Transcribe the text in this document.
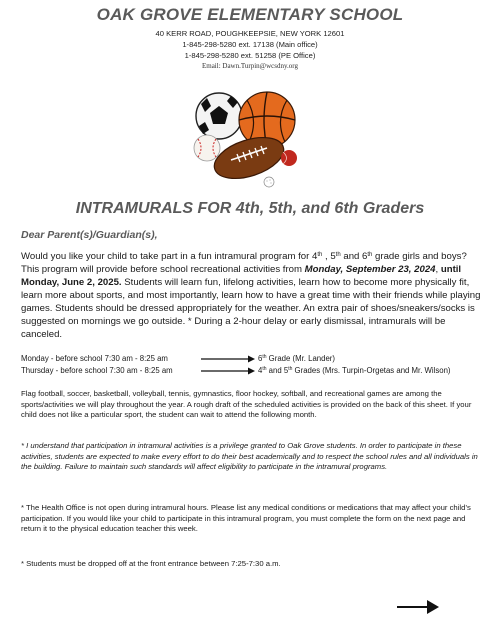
OAK GROVE ELEMENTARY SCHOOL
40 KERR ROAD, POUGHKEEPSIE, NEW YORK 12601
1-845-298-5280 ext. 17138 (Main office)
1-845-298-5280 ext. 51258 (PE Office)
Email: Dawn.Turpin@wcsdny.org
INTRAMURALS FOR 4th, 5th, and 6th Graders
Dear Parent(s)/Guardian(s),
Would you like your child to take part in a fun intramural program for 4th , 5th and 6th grade girls and boys? This program will provide before school recreational activities from Monday, September 23, 2024, until Monday, June 2, 2025. Students will learn fun, lifelong activities, learn how to become more physically fit, learn more about sports, and most importantly, learn how to have a great time with their friends while playing games. Students should be dressed appropriately for the weather. An extra pair of shoes/sneakers/socks is suggested on mornings we go outside. * During a 2-hour delay or early dismissal, intramurals will be canceled.
Monday - before school 7:30 am - 8:25 am	6th Grade (Mr. Lander)
Thursday - before school 7:30 am - 8:25 am	4th and 5th Grades (Mrs. Turpin-Orgetas and Mr. Wilson)
Flag football, soccer, basketball, volleyball, tennis, gymnastics, floor hockey, softball, and recreational games are among the sports/activities we will play throughout the year. A rough draft of the scheduled activities is provided on the back of this sheet. If your child does not like a particular sport, the student can wait to attend the following month.
* I understand that participation in intramural activities is a privilege granted to Oak Grove students. In order to participate in these activities, students are expected to make every effort to do their best academically and to respect the school rules and all individuals in the building. Failure to maintain such standards will affect eligibility to participate in the intramural programs.
* The Health Office is not open during intramural hours. Please list any medical conditions or medications that may affect your child’s participation. If you would like your child to participate in this intramural program, you must complete the form on the next page and return it to the physical education teacher this week.
* Students must be dropped off at the front entrance between 7:25-7:30 a.m.
